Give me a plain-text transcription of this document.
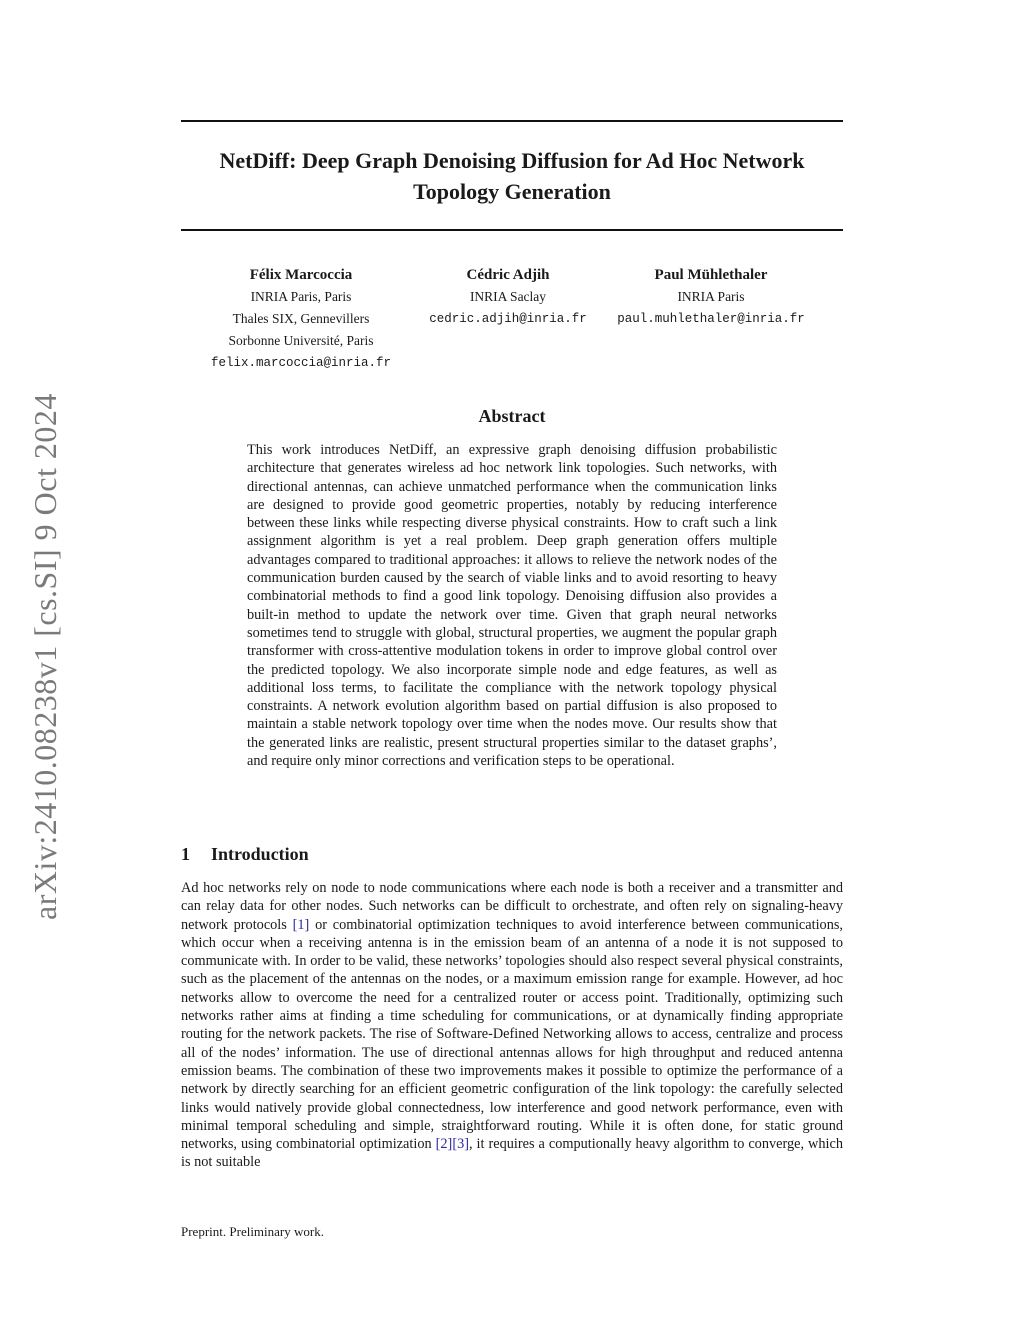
arXiv:2410.08238v1 [cs.SI] 9 Oct 2024
NetDiff: Deep Graph Denoising Diffusion for Ad Hoc Network Topology Generation
Félix Marcoccia
INRIA Paris, Paris
Thales SIX, Gennevillers
Sorbonne Université, Paris
felix.marcoccia@inria.fr
Cédric Adjih
INRIA Saclay
cedric.adjih@inria.fr
Paul Mühlethaler
INRIA Paris
paul.muhlethaler@inria.fr
Abstract
This work introduces NetDiff, an expressive graph denoising diffusion probabilistic architecture that generates wireless ad hoc network link topologies. Such networks, with directional antennas, can achieve unmatched performance when the communication links are designed to provide good geometric properties, notably by reducing interference between these links while respecting diverse physical constraints. How to craft such a link assignment algorithm is yet a real problem. Deep graph generation offers multiple advantages compared to traditional approaches: it allows to relieve the network nodes of the communication burden caused by the search of viable links and to avoid resorting to heavy combinatorial methods to find a good link topology. Denoising diffusion also provides a built-in method to update the network over time. Given that graph neural networks sometimes tend to struggle with global, structural properties, we augment the popular graph transformer with cross-attentive modulation tokens in order to improve global control over the predicted topology. We also incorporate simple node and edge features, as well as additional loss terms, to facilitate the compliance with the network topology physical constraints. A network evolution algorithm based on partial diffusion is also proposed to maintain a stable network topology over time when the nodes move. Our results show that the generated links are realistic, present structural properties similar to the dataset graphs’, and require only minor corrections and verification steps to be operational.
1 Introduction
Ad hoc networks rely on node to node communications where each node is both a receiver and a transmitter and can relay data for other nodes. Such networks can be difficult to orchestrate, and often rely on signaling-heavy network protocols [1] or combinatorial optimization techniques to avoid interference between communications, which occur when a receiving antenna is in the emission beam of an antenna of a node it is not supposed to communicate with. In order to be valid, these networks’ topologies should also respect several physical constraints, such as the placement of the antennas on the nodes, or a maximum emission range for example. However, ad hoc networks allow to overcome the need for a centralized router or access point. Traditionally, optimizing such networks rather aims at finding a time scheduling for communications, or at dynamically finding appropriate routing for the network packets. The rise of Software-Defined Networking allows to access, centralize and process all of the nodes’ information. The use of directional antennas allows for high throughput and reduced antenna emission beams. The combination of these two improvements makes it possible to optimize the performance of a network by directly searching for an efficient geometric configuration of the link topology: the carefully selected links would natively provide global connectedness, low interference and good network performance, even with minimal temporal scheduling and simple, straightforward routing. While it is often done, for static ground networks, using combinatorial optimization [2][3], it requires a computionally heavy algorithm to converge, which is not suitable
Preprint. Preliminary work.
